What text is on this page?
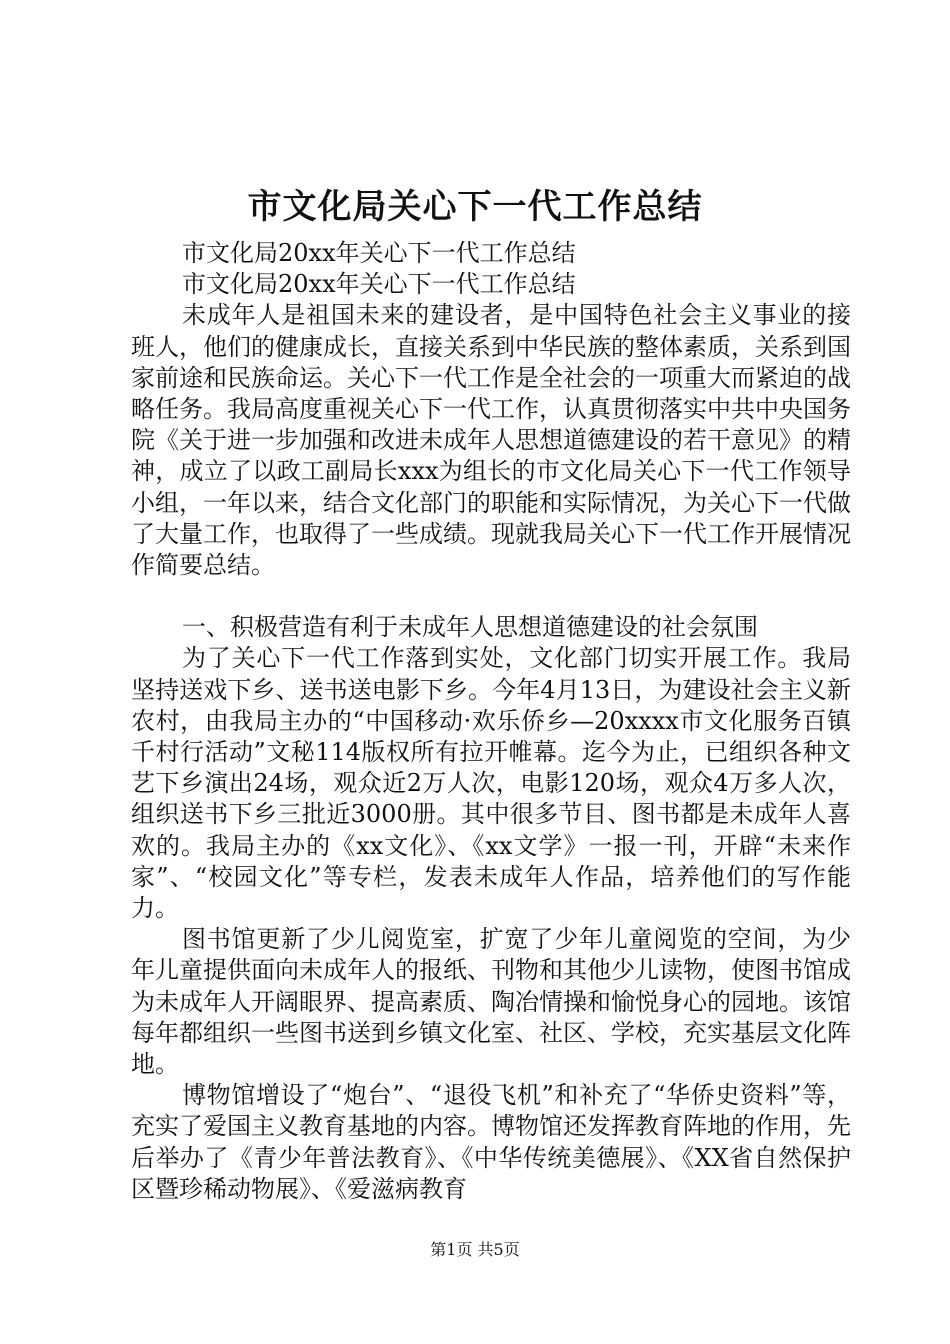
市文化局关心下一代工作总结

市文化局20xx年关心下一代工作总结

市文化局20xx年关心下一代工作总结

未成年人是祖国未来的建设者，是中国特色社会主义事业的接班人，他们的健康成长，直接关系到中华民族的整体素质，关系到国家前途和民族命运。关心下一代工作是全社会的一项重大而紧迫的战略任务。我局高度重视关心下一代工作，认真贯彻落实中共中央国务院《关于进一步加强和改进未成年人思想道德建设的若干意见》的精神，成立了以政工副局长xxx为组长的市文化局关心下一代工作领导小组，一年以来，结合文化部门的职能和实际情况，为关心下一代做了大量工作，也取得了一些成绩。现就我局关心下一代工作开展情况作简要总结。

一、积极营造有利于未成年人思想道德建设的社会氛围

为了关心下一代工作落到实处，文化部门切实开展工作。我局坚持送戏下乡、送书送电影下乡。今年4月13日，为建设社会主义新农村，由我局主办的“中国移动·欢乐侨乡—20xxxx市文化服务百镇千村行活动”文秘114版权所有拉开帷幕。迄今为止，已组织各种文艺下乡演出24场，观众近2万人次，电影120场，观众4万多人次，组织送书下乡三批近3000册。其中很多节目、图书都是未成年人喜欢的。我局主办的《xx文化》、《xx文学》一报一刊，开辟“未来作家”、“校园文化”等专栏，发表未成年人作品，培养他们的写作能力。

图书馆更新了少儿阅览室，扩宽了少年儿童阅览的空间，为少年儿童提供面向未成年人的报纸、刊物和其他少儿读物，使图书馆成为未成年人开阔眼界、提高素质、陶冶情操和愉悦身心的园地。该馆每年都组织一些图书送到乡镇文化室、社区、学校，充实基层文化阵地。

博物馆增设了“炮台”、“退役飞机”和补充了“华侨史资料”等，充实了爱国主义教育基地的内容。博物馆还发挥教育阵地的作用，先后举办了《青少年普法教育》、《中华传统美德展》、《XX省自然保护区暨珍稀动物展》、《爱滋病教育

第1页 共5页
